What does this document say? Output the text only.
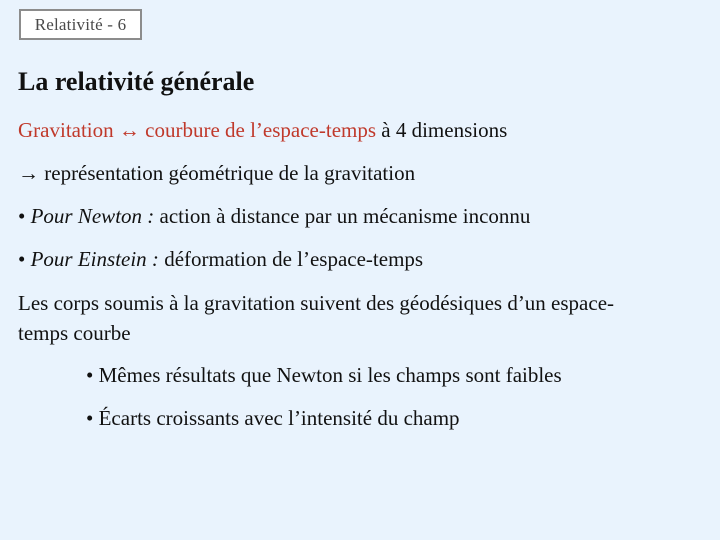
Relativité - 6
La relativité générale

Gravitation ↔ courbure de l’espace-temps à 4 dimensions

→ représentation géométrique de la gravitation

• Pour Newton : action à distance par un mécanisme inconnu

• Pour Einstein : déformation de l’espace-temps

Les corps soumis à la gravitation suivent des géodésiques d’un espace-temps courbe

• Mêmes résultats que Newton si les champs sont faibles

• Écarts croissants avec l’intensité du champ
